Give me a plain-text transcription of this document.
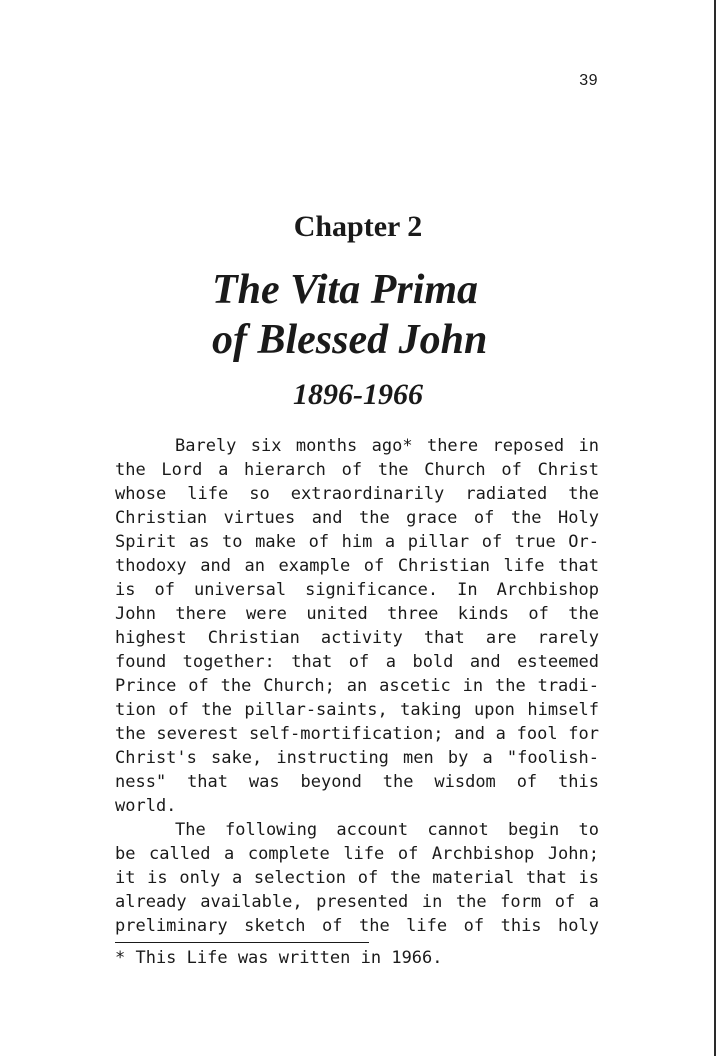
39
Chapter 2
The Vita Prima
of Blessed John
1896-1966
Barely six months ago* there reposed in
the Lord a hierarch of the Church of Christ
whose life so extraordinarily radiated the
Christian virtues and the grace of the Holy
Spirit as to make of him a pillar of true Or-
thodoxy and an example of Christian life that
is of universal significance. In Archbishop
John there were united three kinds of the
highest Christian activity that are rarely
found together: that of a bold and esteemed
Prince of the Church; an ascetic in the tradi-
tion of the pillar-saints, taking upon himself
the severest self-mortification; and a fool for
Christ's sake, instructing men by a "foolish-
ness" that was beyond the wisdom of this
world.
The following account cannot begin to
be called a complete life of Archbishop John;
it is only a selection of the material that is
already available, presented in the form of a
preliminary sketch of the life of this holy
* This Life was written in 1966.
